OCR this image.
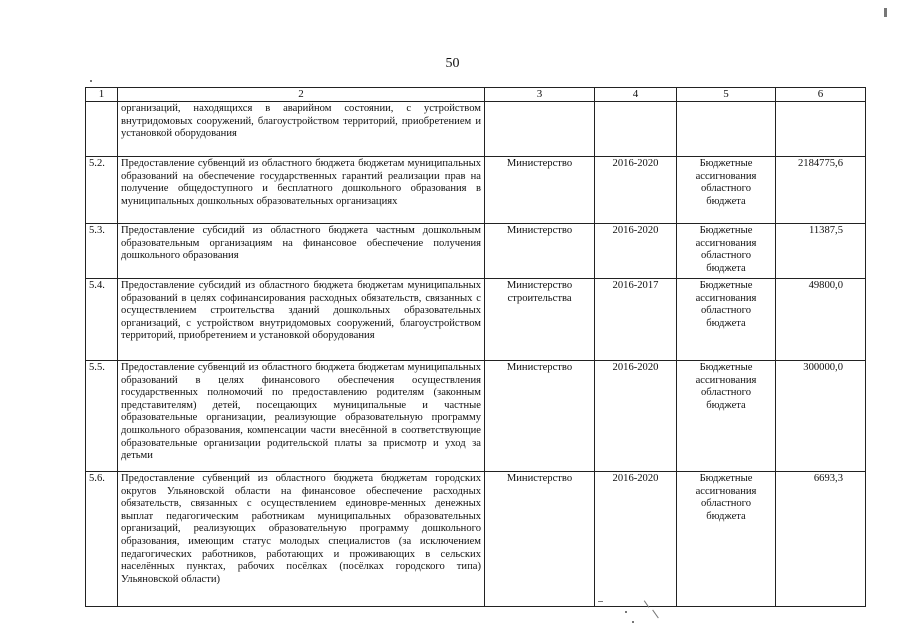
50
1	2	3	4	5	6
	организаций, находящихся в аварийном состоянии, с устройством внутридомовых сооружений, благоустройством территорий, приобретением и установкой оборудования				
5.2.	Предоставление субвенций из областного бюджета бюджетам муниципальных образований на обеспечение государственных гарантий реализации прав на получение общедоступного и бесплатного дошкольного образования в муниципальных дошкольных образовательных организациях	Министерство	2016-2020	Бюджетные ассигнования областного бюджета	2184775,6
5.3.	Предоставление субсидий из областного бюджета частным дошкольным образовательным организациям на финансовое обеспечение получения дошкольного образования	Министерство	2016-2020	Бюджетные ассигнования областного бюджета	11387,5
5.4.	Предоставление субсидий из областного бюджета бюджетам муниципальных образований в целях софинансирования расходных обязательств, связанных с осуществлением строительства зданий дошкольных образовательных организаций, с устройством внутридомовых сооружений, благоустройством территорий, приобретением и установкой оборудования	Министерство строительства	2016-2017	Бюджетные ассигнования областного бюджета	49800,0
5.5.	Предоставление субвенций из областного бюджета бюджетам муниципальных образований в целях финансового обеспечения осуществления государственных полномочий по предоставлению родителям (законным представителям) детей, посещающих муниципальные и частные образовательные организации, реализующие образовательную программу дошкольного образования, компенсации части внесённой в соответствующие образовательные организации родительской платы за присмотр и уход за детьми	Министерство	2016-2020	Бюджетные ассигнования областного бюджета	300000,0
5.6.	Предоставление субвенций из областного бюджета бюджетам городских округов Ульяновской области на финансовое обеспечение расходных обязательств, связанных с осуществлением единовре-менных денежных выплат педагогическим работникам муниципальных образовательных организаций, реализующих образовательную программу дошкольного образования, имеющим статус молодых специалистов (за исключением педагогических работников, работающих и проживающих в сельских населённых пунктах, рабочих посёлках (посёлках городского типа) Ульяновской области)	Министерство	2016-2020	Бюджетные ассигнования областного бюджета	6693,3
